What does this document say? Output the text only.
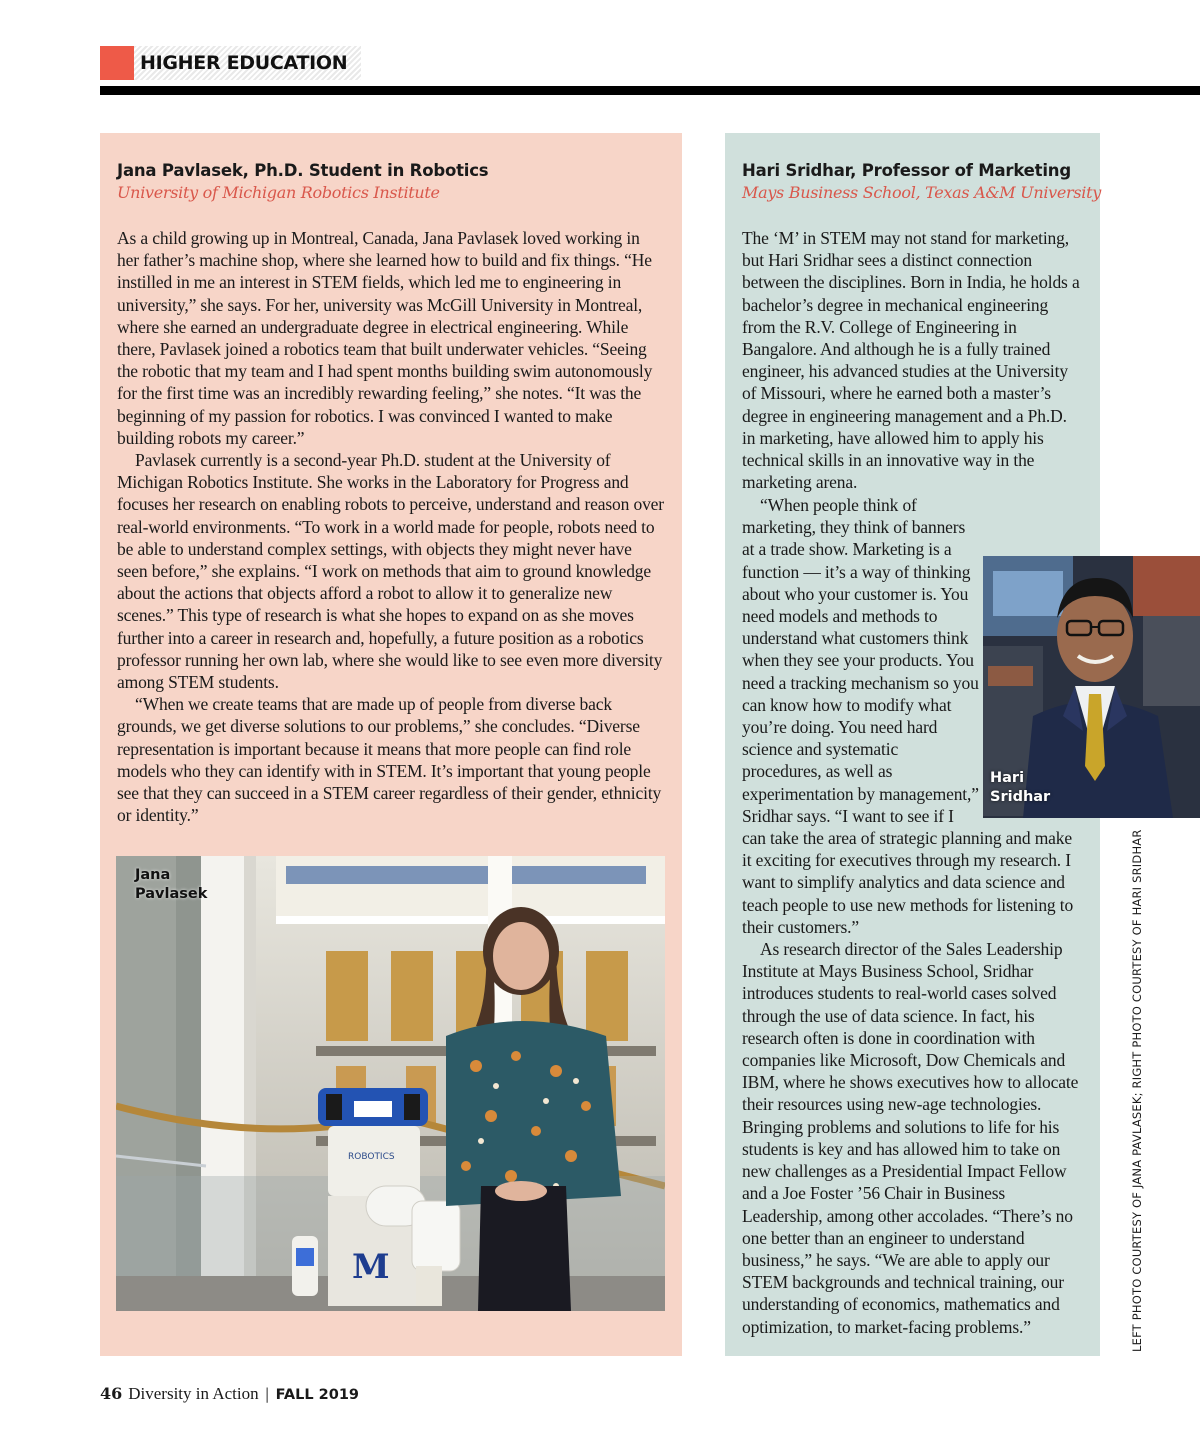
HIGHER EDUCATION
Jana Pavlasek, Ph.D. Student in Robotics
University of Michigan Robotics Institute

As a child growing up in Montreal, Canada, Jana Pavlasek loved working in her father’s machine shop, where she learned how to build and fix things. “He instilled in me an interest in STEM fields, which led me to engineering in university,” she says. For her, university was McGill University in Montreal, where she earned an undergraduate degree in electrical engineering. While there, Pavlasek joined a robotics team that built underwater vehicles. “Seeing the robotic that my team and I had spent months building swim autonomously for the first time was an incredibly rewarding feeling,” she notes. “It was the beginning of my passion for robotics. I was convinced I wanted to make building robots my career.”

Pavlasek currently is a second-year Ph.D. student at the University of Michigan Robotics Institute. She works in the Laboratory for Progress and focuses her research on enabling robots to perceive, understand and reason over real-world environments. “To work in a world made for people, robots need to be able to understand complex settings, with objects they might never have seen before,” she explains. “I work on methods that aim to ground knowledge about the actions that objects afford a robot to allow it to generalize new scenes.” This type of research is what she hopes to expand on as she moves further into a career in research and, hopefully, a future position as a robotics professor running her own lab, where she would like to see even more diversity among STEM students.

“When we create teams that are made up of people from diverse back grounds, we get diverse solutions to our problems,” she concludes. “Diverse representation is important because it means that more people can find role models who they can identify with in STEM. It’s important that young people see that they can succeed in a STEM career regardless of their gender, ethnicity or identity.”

ROBOTICS
M
Jana
Pavlasek
Hari Sridhar, Professor of Marketing
Mays Business School, Texas A&M University

The ‘M’ in STEM may not stand for marketing, but Hari Sridhar sees a distinct connection between the disciplines. Born in India, he holds a bachelor’s degree in mechanical engineering from the R.V. College of Engineering in Bangalore. And although he is a fully trained engineer, his advanced studies at the University of Missouri, where he earned both a master’s degree in engineering management and a Ph.D. in marketing, have allowed him to apply his technical skills in an innovative way in the marketing arena.

“When people think of marketing, they think of banners at a trade show. Marketing is a function — it’s a way of thinking about who your customer is. You need models and methods to understand what customers think when they see your products. You need a tracking mechanism so you can know how to modify what you’re doing. You need hard science and systematic procedures, as well as experimentation by management,” Sridhar says. “I want to see if I can take the area of strategic planning and make it exciting for executives through my research. I want to simplify analytics and data science and teach people to use new methods for listening to their customers.”

As research director of the Sales Leadership Institute at Mays Business School, Sridhar introduces students to real-world cases solved through the use of data science. In fact, his research often is done in coordination with companies like Microsoft, Dow Chemicals and IBM, where he shows executives how to allocate their resources using new-age technologies. Bringing problems and solutions to life for his students is key and has allowed him to take on new challenges as a Presidential Impact Fellow and a Joe Foster ’56 Chair in Business Leadership, among other accolades. “There’s no one better than an engineer to understand business,” he says. “We are able to apply our STEM backgrounds and technical training, our understanding of economics, mathematics and optimization, to market-facing problems.”

Hari
Sridhar
LEFT PHOTO COURTESY OF JANA PAVLASEK; RIGHT PHOTO COURTESY OF HARI SRIDHAR
46 Diversity in Action | FALL 2019
